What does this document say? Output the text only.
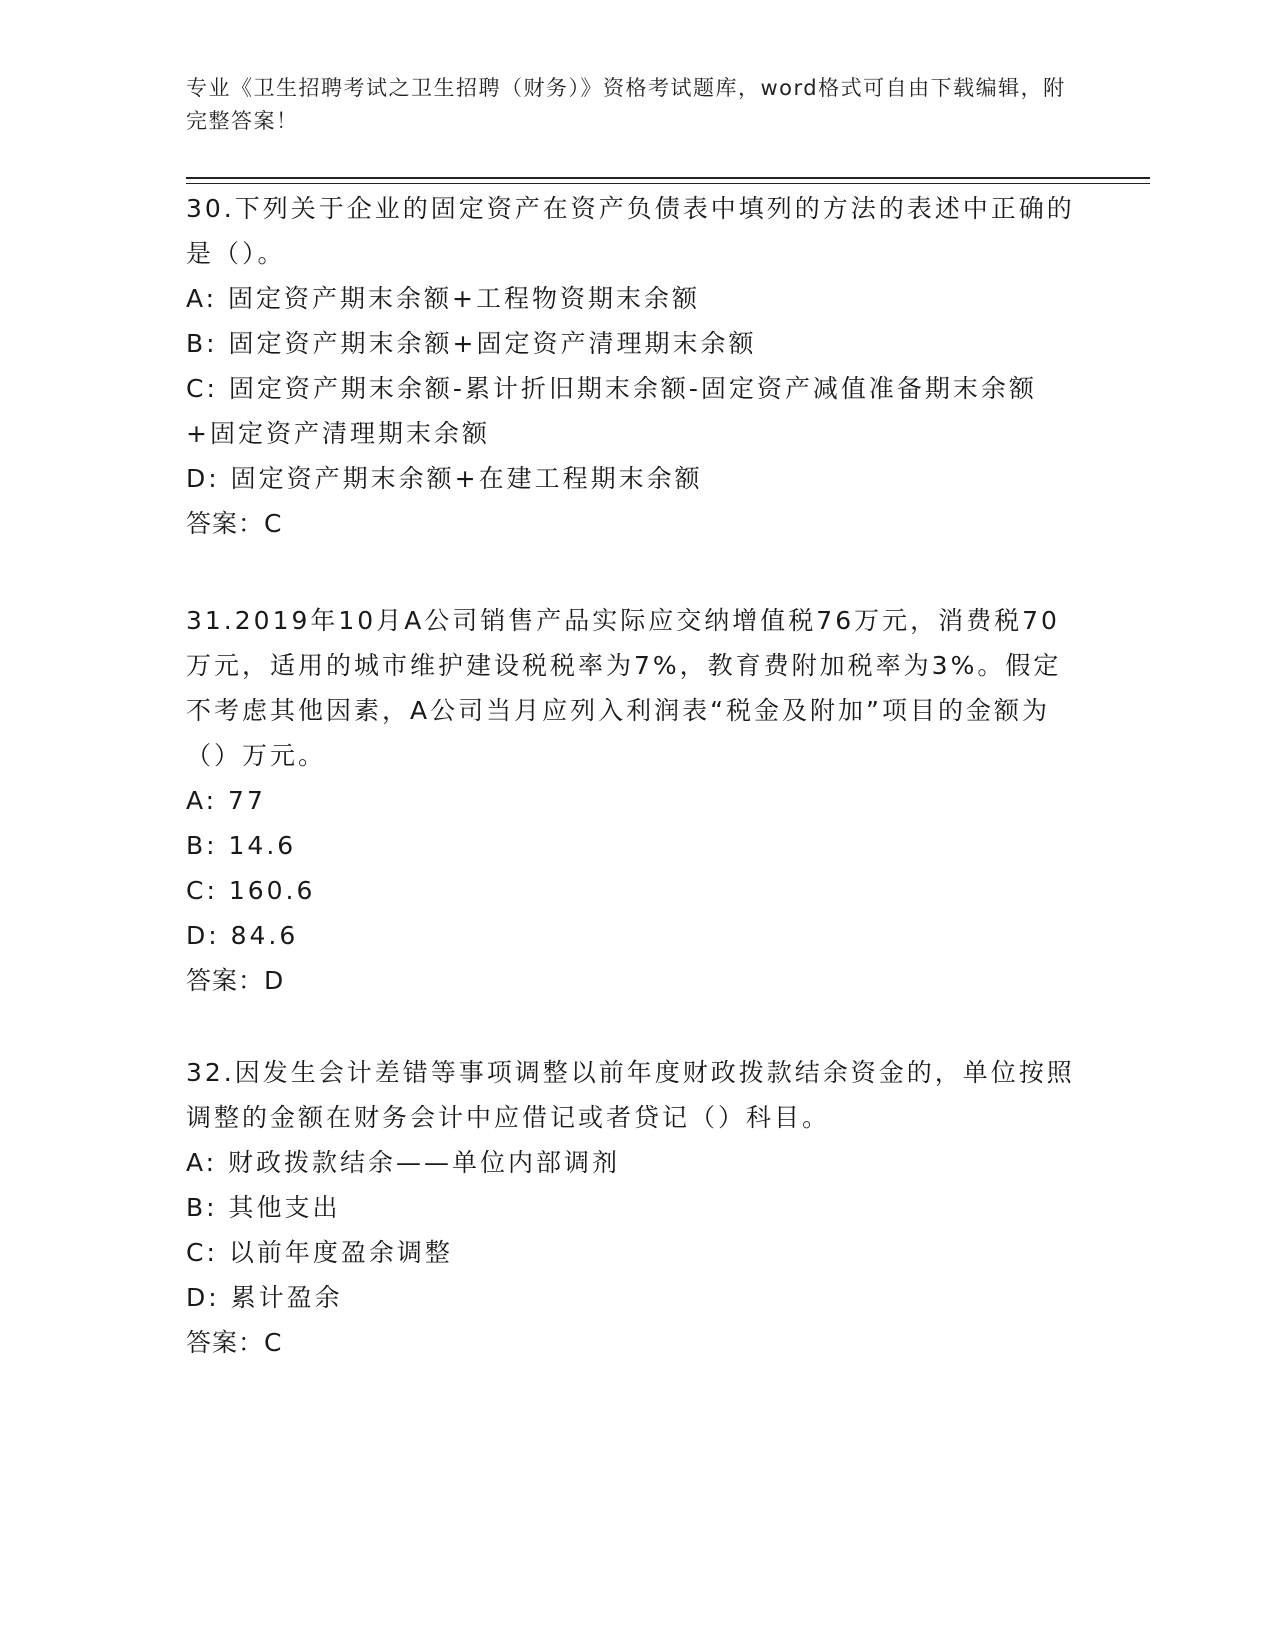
专业《卫生招聘考试之卫生招聘（财务）》资格考试题库，word格式可自由下载编辑，附完整答案！
30.下列关于企业的固定资产在资产负债表中填列的方法的表述中正确的是（）。
A: 固定资产期末余额+工程物资期末余额
B: 固定资产期末余额+固定资产清理期末余额
C: 固定资产期末余额-累计折旧期末余额-固定资产减值准备期末余额+固定资产清理期末余额
D: 固定资产期末余额+在建工程期末余额
答案：C
31.2019年10月A公司销售产品实际应交纳增值税76万元，消费税70万元，适用的城市维护建设税税率为7%，教育费附加税率为3%。假定不考虑其他因素，A公司当月应列入利润表“税金及附加”项目的金额为（）万元。
A: 77
B: 14.6
C: 160.6
D: 84.6
答案：D
32.因发生会计差错等事项调整以前年度财政拨款结余资金的，单位按照调整的金额在财务会计中应借记或者贷记（）科目。
A: 财政拨款结余——单位内部调剂
B: 其他支出
C: 以前年度盈余调整
D: 累计盈余
答案：C
